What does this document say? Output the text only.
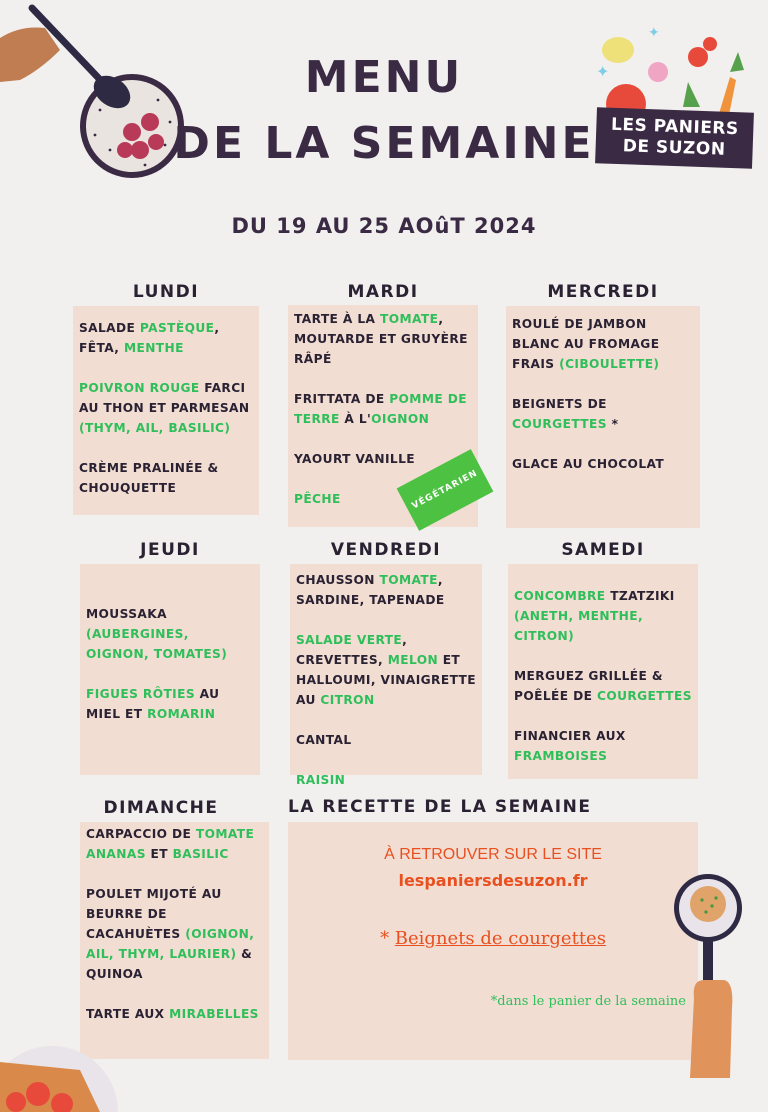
✦
✦
LES PANIERS
DE SUZON
MENU
DE LA SEMAINE
DU 19 AU 25 AOûT 2024
LUNDI
SALADE PASTÈQUE, FÊTA, MENTHE
POIVRON ROUGE FARCI AU THON ET PARMESAN (THYM, AIL, BASILIC)
CRÈME PRALINÉE & CHOUQUETTE
MARDI
TARTE À LA TOMATE, MOUTARDE ET GRUYÈRE RÂPÉ
FRITTATA DE POMME DE TERRE À L'OIGNON
YAOURT VANILLE
PÊCHE
MERCREDI
ROULÉ DE JAMBON BLANC AU FROMAGE FRAIS (CIBOULETTE)
BEIGNETS DE COURGETTES *
GLACE AU CHOCOLAT
VÉGÉTARIEN
JEUDI
MOUSSAKA (AUBERGINES, OIGNON, TOMATES)
FIGUES RÔTIES AU MIEL ET ROMARIN
VENDREDI
CHAUSSON TOMATE, SARDINE, TAPENADE
SALADE VERTE, CREVETTES, MELON ET HALLOUMI, VINAIGRETTE AU CITRON
CANTAL
RAISIN
SAMEDI
CONCOMBRE TZATZIKI (ANETH, MENTHE, CITRON)
MERGUEZ GRILLÉE & POÊLÉE DE COURGETTES
FINANCIER AUX FRAMBOISES
DIMANCHE
CARPACCIO DE TOMATE ANANAS ET BASILIC
POULET MIJOTÉ AU BEURRE DE CACAHUÈTES (OIGNON, AIL, THYM, LAURIER) & QUINOA
TARTE AUX MIRABELLES
LA RECETTE DE LA SEMAINE
À RETROUVER SUR LE SITE
lespaniersdesuzon.fr
* Beignets de courgettes
*dans le panier de la semaine
